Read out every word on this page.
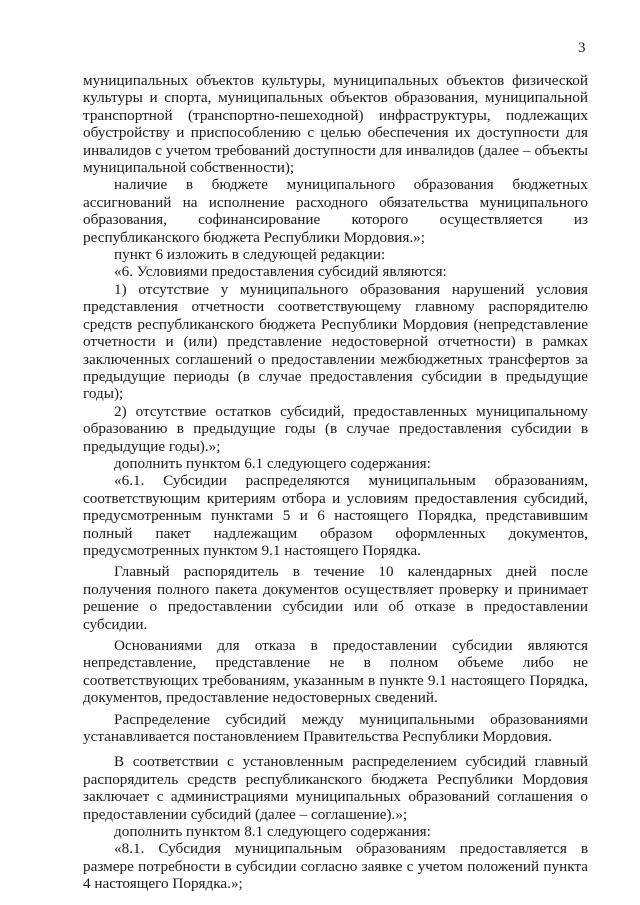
3

муниципальных объектов культуры, муниципальных объектов физической культуры и спорта, муниципальных объектов образования, муниципальной транспортной (транспортно-пешеходной) инфраструктуры, подлежащих обустройству и приспособлению с целью обеспечения их доступности для инвалидов с учетом требований доступности для инвалидов (далее – объекты муниципальной собственности);

наличие в бюджете муниципального образования бюджетных ассигнований на исполнение расходного обязательства муниципального образования, софинансирование которого осуществляется из республиканского бюджета Республики Мордовия.»;

пункт 6 изложить в следующей редакции:

«6. Условиями предоставления субсидий являются:

1) отсутствие у муниципального образования нарушений условия представления отчетности соответствующему главному распорядителю средств республиканского бюджета Республики Мордовия (непредставление отчетности и (или) представление недостоверной отчетности) в рамках заключенных соглашений о предоставлении межбюджетных трансфертов за предыдущие периоды (в случае предоставления субсидии в предыдущие годы);

2) отсутствие остатков субсидий, предоставленных муниципальному образованию в предыдущие годы (в случае предоставления субсидии в предыдущие годы).»;

дополнить пунктом 6.1 следующего содержания:

«6.1. Субсидии распределяются муниципальным образованиям, соответствующим критериям отбора и условиям предоставления субсидий, предусмотренным пунктами 5 и 6 настоящего Порядка, представившим полный пакет надлежащим образом оформленных документов, предусмотренных пунктом 9.1 настоящего Порядка.

Главный распорядитель в течение 10 календарных дней после получения полного пакета документов осуществляет проверку и принимает решение о предоставлении субсидии или об отказе в предоставлении субсидии.

Основаниями для отказа в предоставлении субсидии являются непредставление, представление не в полном объеме либо не соответствующих требованиям, указанным в пункте 9.1 настоящего Порядка, документов, предоставление недостоверных сведений.

Распределение субсидий между муниципальными образованиями устанавливается постановлением Правительства Республики Мордовия.

В соответствии с установленным распределением субсидий главный распорядитель средств республиканского бюджета Республики Мордовия заключает с администрациями муниципальных образований соглашения о предоставлении субсидий (далее – соглашение).»;

дополнить пунктом 8.1 следующего содержания:

«8.1. Субсидия муниципальным образованиям предоставляется в размере потребности в субсидии согласно заявке с учетом положений пункта 4 настоящего Порядка.»;
